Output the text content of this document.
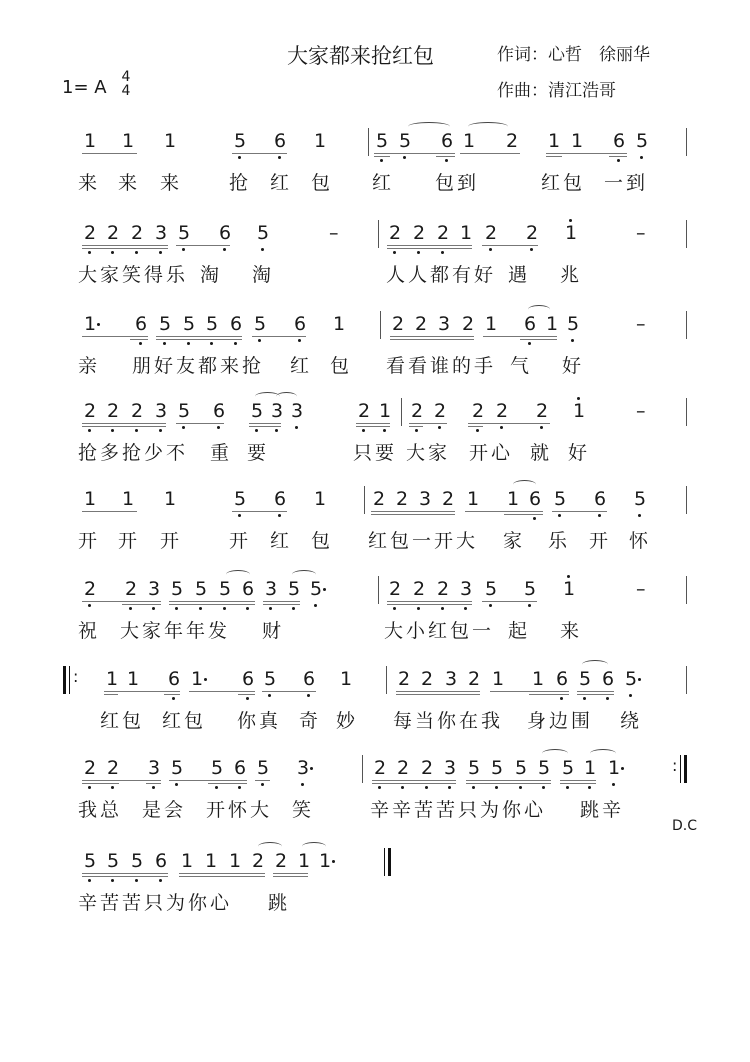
大家都来抢红包	作词：心哲　徐丽华
作曲：清江浩哥
1= A 4
4
D.C
1 1 1	5 6 1	5 5 6 1 2 1 1 6 5
来 来 来 抢 红 包 红 包到	红包 一到
2 2 2 3 5 6 5	2 2 2 1 2 2 1
–	–
大家笑得乐 淘 淘	人人都有好 遇 兆
1 6 5 5 5 6 5 6 1 2 2 3 2 1 6 1 5	–
亲 朋好友都来抢 红 包 看看谁的手 气 好
2 2 2 3 5 6 5 3 3	2 1 2 2 2 2 2 1	–
抢多抢少不 重 要	只要 大家 开心 就 好
1 1 1	5 6 1 2 2 3 2 1 1 6 5 6 5
开 开 开 开 红 包 红包一开大 家 乐 开 怀
2 2 3 5 5 5 6 3 5 5	2 2 2 3 5 5 1	–
祝 大家年年发 财	大小红包一 起 来
1 1 6 1 6 5 6 1 2 2 3 2 1 1 6 5 6 5
红包 红包 你真 奇 妙 每当你在我 身边围 绕
:
2 2 3 5 5 6 5 3	2 2 2 3 5 5 5 5 5 1 1
我总 是会 开怀大 笑	辛辛苦苦只为你心 跳辛
:
5 5 5 6 1 1 1 2 2 1 1
辛苦苦只为你心 跳
